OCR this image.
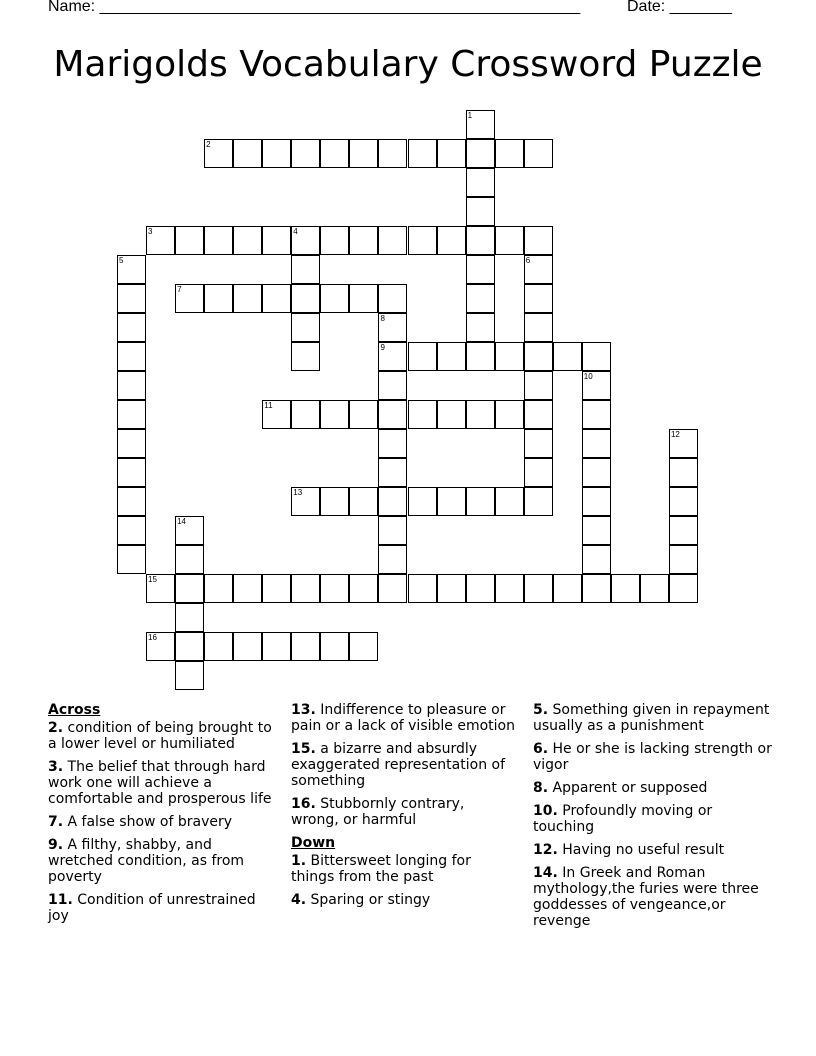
Name: ______________________________________________________	Date: _______
Marigolds Vocabulary Crossword Puzzle
1
2
3	4
5	6
7
8
9
10
11
12
13
14
15
16
Across
2. condition of being brought to a lower level or humiliated
3. The belief that through hard work one will achieve a comfortable and prosperous life
7. A false show of bravery
9. A filthy, shabby, and wretched condition, as from poverty
11. Condition of unrestrained joy
13. Indifference to pleasure or pain or a lack of visible emotion
15. a bizarre and absurdly exaggerated representation of something
16. Stubbornly contrary, wrong, or harmful
Down
1. Bittersweet longing for things from the past
4. Sparing or stingy
5. Something given in repayment usually as a punishment
6. He or she is lacking strength or vigor
8. Apparent or supposed
10. Profoundly moving or touching
12. Having no useful result
14. In Greek and Roman mythology,the furies were three goddesses of vengeance,or revenge
